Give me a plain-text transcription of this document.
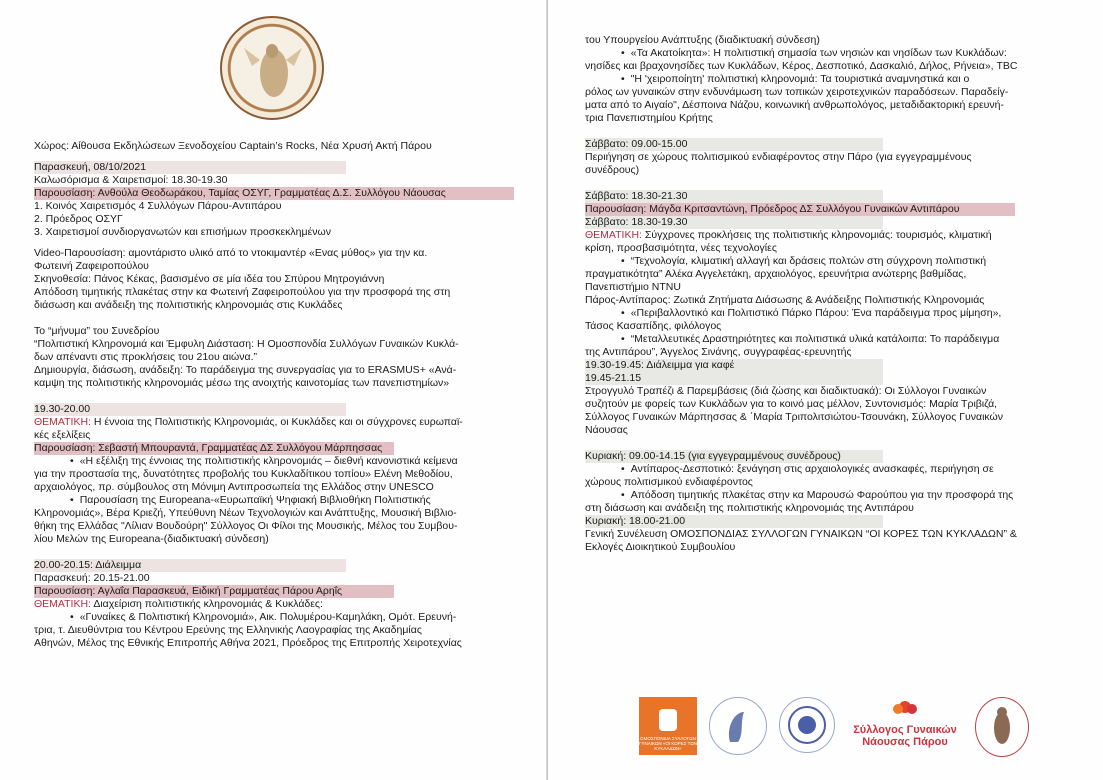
Χώρος: Αίθουσα Εκδηλώσεων Ξενοδοχείου Captain’s Rocks, Νέα Χρυσή Ακτή Πάρου
Παρασκευή, 08/10/2021
Καλωσόρισμα & Χαιρετισμοί: 18.30-19.30
Παρουσίαση: Ανθούλα Θεοδωράκου, Ταμίας ΟΣΥΓ, Γραμματέας Δ.Σ. Συλλόγου Νάουσας
1. Κοινός Χαιρετισμός 4 Συλλόγων Πάρου-Αντιπάρου
2. Πρόεδρος ΟΣΥΓ
3. Χαιρετισμοί συνδιοργανωτών και επισήμων προσκεκλημένων
Video-Παρουσίαση: αμοντάριστο υλικό από το ντοκιμαντέρ «Ενας μύθος» για την κα.
Φωτεινή Ζαφειροπούλου
Σκηνοθεσία: Πάνος Κέκας, βασισμένο σε μία ιδέα του Σπύρου Μητρογιάννη
Απόδοση τιμητικής πλακέτας στην κα Φωτεινή Ζαφειροπούλου για την προσφορά της στη
διάσωση και ανάδειξη της πολιτιστικής κληρονομιάς στις Κυκλάδες
Το “μήνυμα” του Συνεδρίου
“Πολιτιστική Κληρονομιά και Έμφυλη Διάσταση: Η Ομοσπονδία Συλλόγων Γυναικών Κυκλά-
δων απέναντι στις προκλήσεις του 21ου αιώνα.”
Δημιουργία, διάσωση, ανάδειξη: Το παράδειγμα της συνεργασίας για το ERASMUS+ «Ανά-
καμψη της πολιτιστικής κληρονομιάς μέσω της ανοιχτής καινοτομίας των πανεπιστημίων»
19.30-20.00
ΘΕΜΑΤΙΚΗ: Η έννοια της Πολιτιστικής Κληρονομιάς, οι Κυκλάδες και οι σύγχρονες ευρωπαϊ-
κές εξελίξεις
Παρουσίαση: Σεβαστή Μπουραντά, Γραμματέας ΔΣ Συλλόγου Μάρπησσας
• «Η εξέλιξη της έννοιας της πολιτιστικής κληρονομιάς – διεθνή κανονιστικά κείμενα
για την προστασία της, δυνατότητες προβολής του Κυκλαδίτικου τοπίου» Ελένη Μεθοδίου,
αρχαιολόγος, πρ. σύμβουλος στη Μόνιμη Αντιπροσωπεία της Ελλάδος στην UNESCO
• Παρουσίαση της Europeana-«Ευρωπαϊκή Ψηφιακή Βιβλιοθήκη Πολιτιστικής
Κληρονομιάς», Βέρα Κριεζή, Υπεύθυνη Νέων Τεχνολογιών και Ανάπτυξης, Μουσική Βιβλιο-
θήκη της Ελλάδας "Λίλιαν Βουδούρη" Σύλλογος Οι Φίλοι της Μουσικής, Μέλος του Συμβου-
λίου Μελών της Europeana-(διαδικτυακή σύνδεση)
20.00-20.15: Διάλειμμα
Παρασκευή: 20.15-21.00
Παρουσίαση: Αγλαΐα Παρασκευά, Ειδική Γραμματέας Πάρου Αρηΐς
ΘΕΜΑΤΙΚΗ: Διαχείριση πολιτιστικής κληρονομιάς & Κυκλάδες:
• «Γυναίκες & Πολιτιστική Κληρονομιά», Αικ. Πολυμέρου-Καμηλάκη, Ομότ. Ερευνή-
τρια, τ. Διευθύντρια του Κέντρου Ερεύνης της Ελληνικής Λαογραφίας της Ακαδημίας
Αθηνών, Μέλος της Εθνικής Επιτροπής Αθήνα 2021, Πρόεδρος της Επιτροπής Χειροτεχνίας
του Υπουργείου Ανάπτυξης (διαδικτυακή σύνδεση)
• «Τα Ακατοίκητα»: Η πολιτιστική σημασία των νησιών και νησίδων των Κυκλάδων:
νησίδες και βραχονησίδες των Κυκλάδων, Κέρος, Δεσποτικό, Δασκαλιό, Δήλος, Ρήνεια», TBC
• "Η 'χειροποίητη' πολιτιστική κληρονομιά: Τα τουριστικά αναμνηστικά και ο
ρόλος ων γυναικών στην ενδυνάμωση των τοπικών χειροτεχνικών παραδόσεων. Παραδείγ-
ματα από το Αιγαίο", Δέσποινα Νάζου, κοινωνική ανθρωπολόγος, μεταδιδακτορική ερευνή-
τρια Πανεπιστημίου Κρήτης
Σάββατο: 09.00-15.00
Περιήγηση σε χώρους πολιτισμικού ενδιαφέροντος στην Πάρο (για εγγεγραμμένους
συνέδρους)
Σάββατο: 18.30-21.30
Παρουσίαση: Μάγδα Κριτσαντώνη, Πρόεδρος ΔΣ Συλλόγου Γυναικών Αντιπάρου
Σάββατο: 18.30-19.30
ΘΕΜΑΤΙΚΗ: Σύγχρονες προκλήσεις της πολιτιστικής κληρονομιάς: τουρισμός, κλιματική
κρίση, προσβασιμότητα, νέες τεχνολογίες
• “Τεχνολογία, κλιματική αλλαγή και δράσεις πολτών στη σύγχρονη πολιτιστική
πραγματικότητα” Αλέκα Αγγελετάκη, αρχαιολόγος, ερευνήτρια ανώτερης βαθμίδας,
Πανεπιστήμιο NTNU
Πάρος-Αντίπαρος: Ζωτικά Ζητήματα Διάσωσης & Ανάδειξης Πολιτιστικής Κληρονομιάς
• «Περιβαλλοντικό και Πολιτιστικό Πάρκο Πάρου: Ένα παράδειγμα προς μίμηση»,
Τάσος Κασαπίδης, φιλόλογος
• “Μεταλλευτικές Δραστηριότητες και πολιτιστικά υλικά κατάλοιπα: Το παράδειγμα
της Αντιπάρου”, Άγγελος Σινάνης, συγγραφέας-ερευνητής
19.30-19.45: Διάλειμμα για καφέ
19.45-21.15
Στρογγυλό Τραπέζι & Παρεμβάσεις (διά ζώσης και διαδικτυακά): Οι Σύλλογοι Γυναικών
συζητούν με φορείς των Κυκλάδων για το κοινό μας μέλλον, Συντονισμός: Μαρία Τριβιζά,
Σύλλογος Γυναικών Μάρπησσας & ΄Μαρία Τριπολιτσιώτου-Τσουνάκη, Σύλλογος Γυναικών
Νάουσας
Κυριακή: 09.00-14.15 (για εγγεγραμμένους συνέδρους)
• Αντίπαρος-Δεσποτικό: ξενάγηση στις αρχαιολογικές ανασκαφές, περιήγηση σε
χώρους πολιτισμικού ενδιαφέροντος
• Απόδοση τιμητικής πλακέτας στην κα Μαρουσώ Φαρούπου για την προσφορά της
στη διάσωση και ανάδειξη της πολιτιστικής κληρονομιάς της Αντιπάρου
Κυριακή: 18.00-21.00
Γενική Συνέλευση ΟΜΟΣΠΟΝΔΙΑΣ ΣΥΛΛΟΓΩΝ ΓΥΝΑΙΚΩΝ “ΟΙ ΚΟΡΕΣ ΤΩΝ ΚΥΚΛΑΔΩΝ” &
Εκλογές Διοικητικού Συμβουλίου
ΟΜΟΣΠΟΝΔΙΑ ΣΥΛΛΟΓΩΝ ΓΥΝΑΙΚΩΝ «ΟΙ ΚΟΡΕΣ ΤΩΝ ΚΥΚΛΑΔΩΝ»
Σύλλογος Γυναικών
Νάουσας Πάρου
